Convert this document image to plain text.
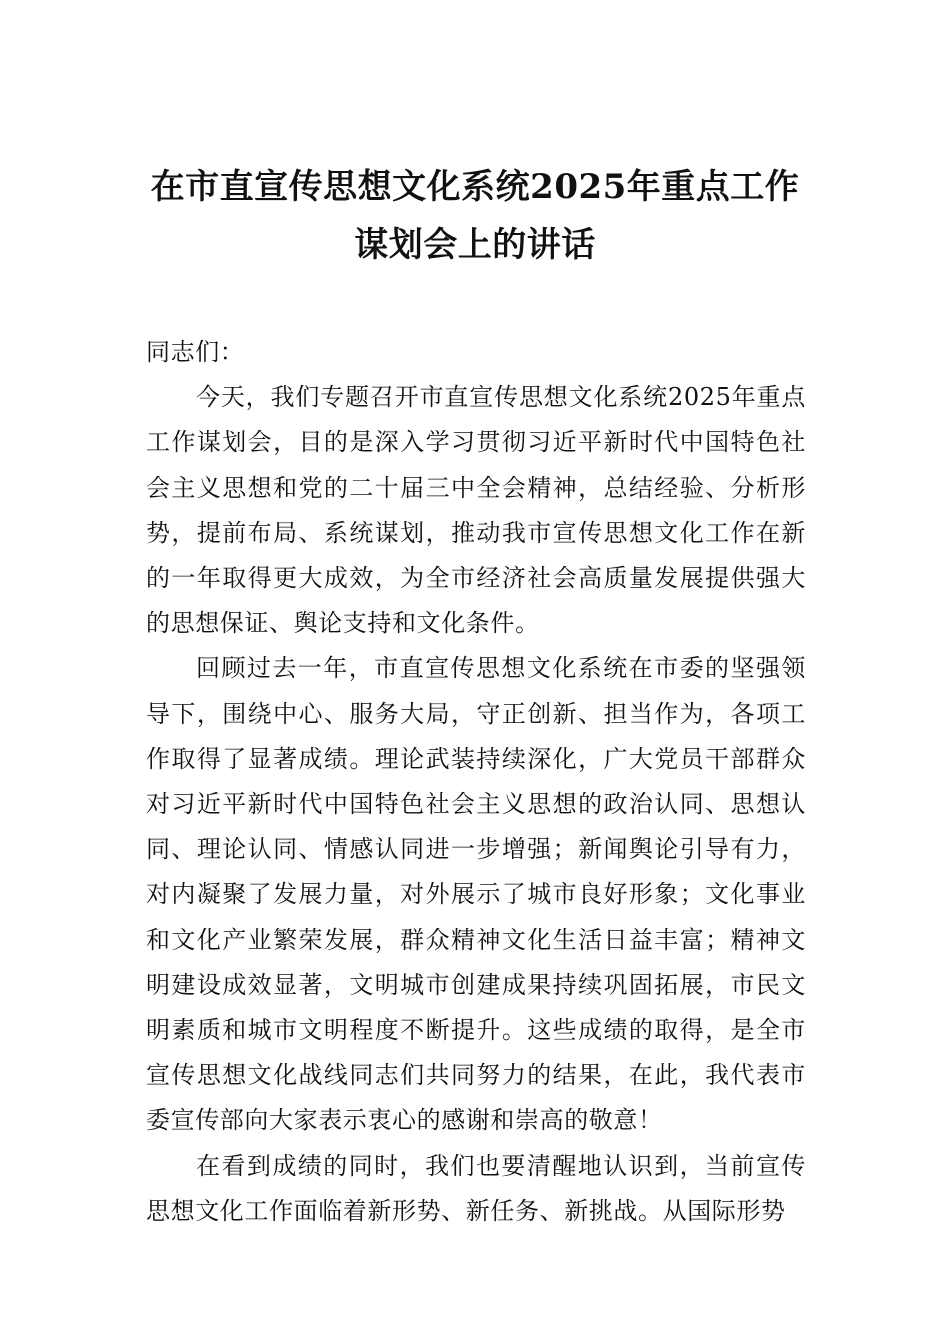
在市直宣传思想文化系统2025年重点工作
谋划会上的讲话

同志们：

今天，我们专题召开市直宣传思想文化系统2025年重点工作谋划会，目的是深入学习贯彻习近平新时代中国特色社会主义思想和党的二十届三中全会精神，总结经验、分析形势，提前布局、系统谋划，推动我市宣传思想文化工作在新的一年取得更大成效，为全市经济社会高质量发展提供强大的思想保证、舆论支持和文化条件。

回顾过去一年，市直宣传思想文化系统在市委的坚强领导下，围绕中心、服务大局，守正创新、担当作为，各项工作取得了显著成绩。理论武装持续深化，广大党员干部群众对习近平新时代中国特色社会主义思想的政治认同、思想认同、理论认同、情感认同进一步增强；新闻舆论引导有力，对内凝聚了发展力量，对外展示了城市良好形象；文化事业和文化产业繁荣发展，群众精神文化生活日益丰富；精神文明建设成效显著，文明城市创建成果持续巩固拓展，市民文明素质和城市文明程度不断提升。这些成绩的取得，是全市宣传思想文化战线同志们共同努力的结果，在此，我代表市委宣传部向大家表示衷心的感谢和崇高的敬意！

在看到成绩的同时，我们也要清醒地认识到，当前宣传思想文化工作面临着新形势、新任务、新挑战。从国际形势
